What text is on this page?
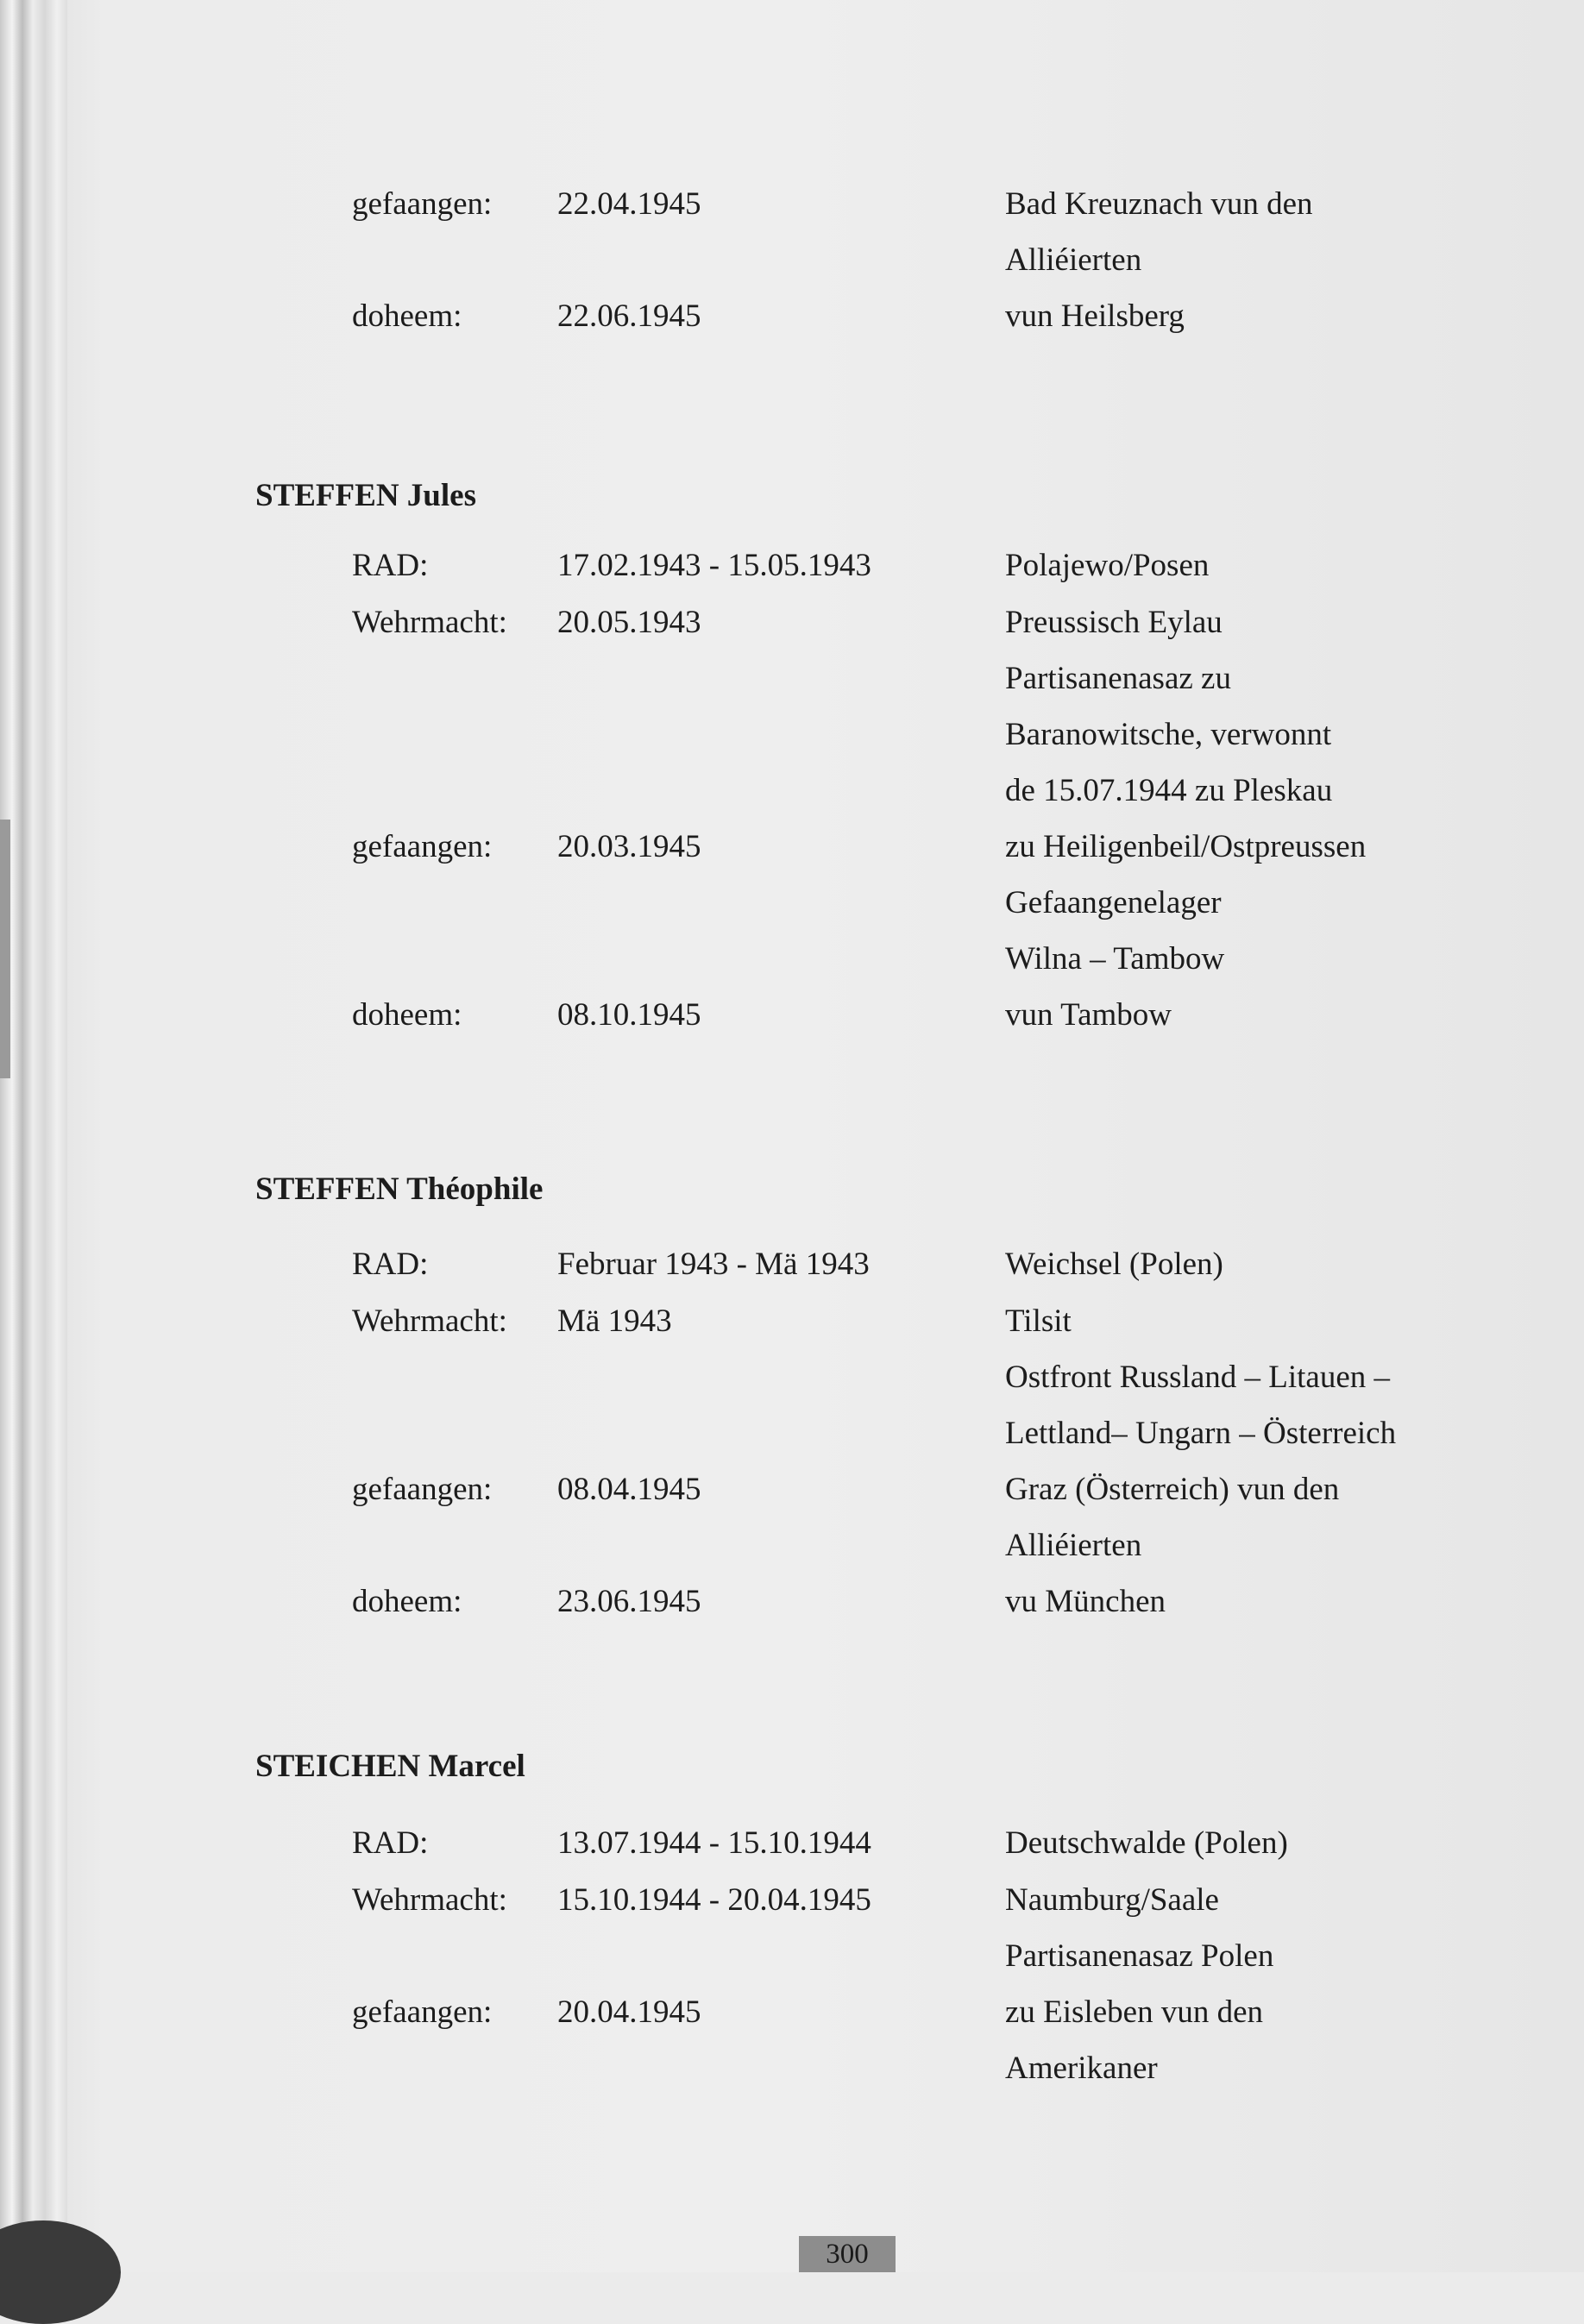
gefaangen: 22.04.1945	Bad Kreuznach vun den
Alliéierten
doheem:	22.06.1945	vun Heilsberg
STEFFEN Jules
RAD:	17.02.1943 - 15.05.1943	Polajewo/Posen
Wehrmacht: 20.05.1943	Preussisch Eylau
Partisanenasaz zu
Baranowitsche, verwonnt
de 15.07.1944 zu Pleskau
gefaangen: 20.03.1945	zu Heiligenbeil/Ostpreussen
Gefaangenelager
Wilna – Tambow
doheem:	08.10.1945	vun Tambow
STEFFEN Théophile
RAD:	Februar 1943 - Mä 1943	Weichsel (Polen)
Wehrmacht: Mä 1943	Tilsit
Ostfront Russland – Litauen –
Lettland– Ungarn – Österreich
gefaangen: 08.04.1945	Graz (Österreich) vun den
Alliéierten
doheem:	23.06.1945	vu München
STEICHEN Marcel
RAD:	13.07.1944 - 15.10.1944	Deutschwalde (Polen)
Wehrmacht: 15.10.1944 - 20.04.1945	Naumburg/Saale
Partisanenasaz Polen
gefaangen: 20.04.1945	zu Eisleben vun den
Amerikaner
300
